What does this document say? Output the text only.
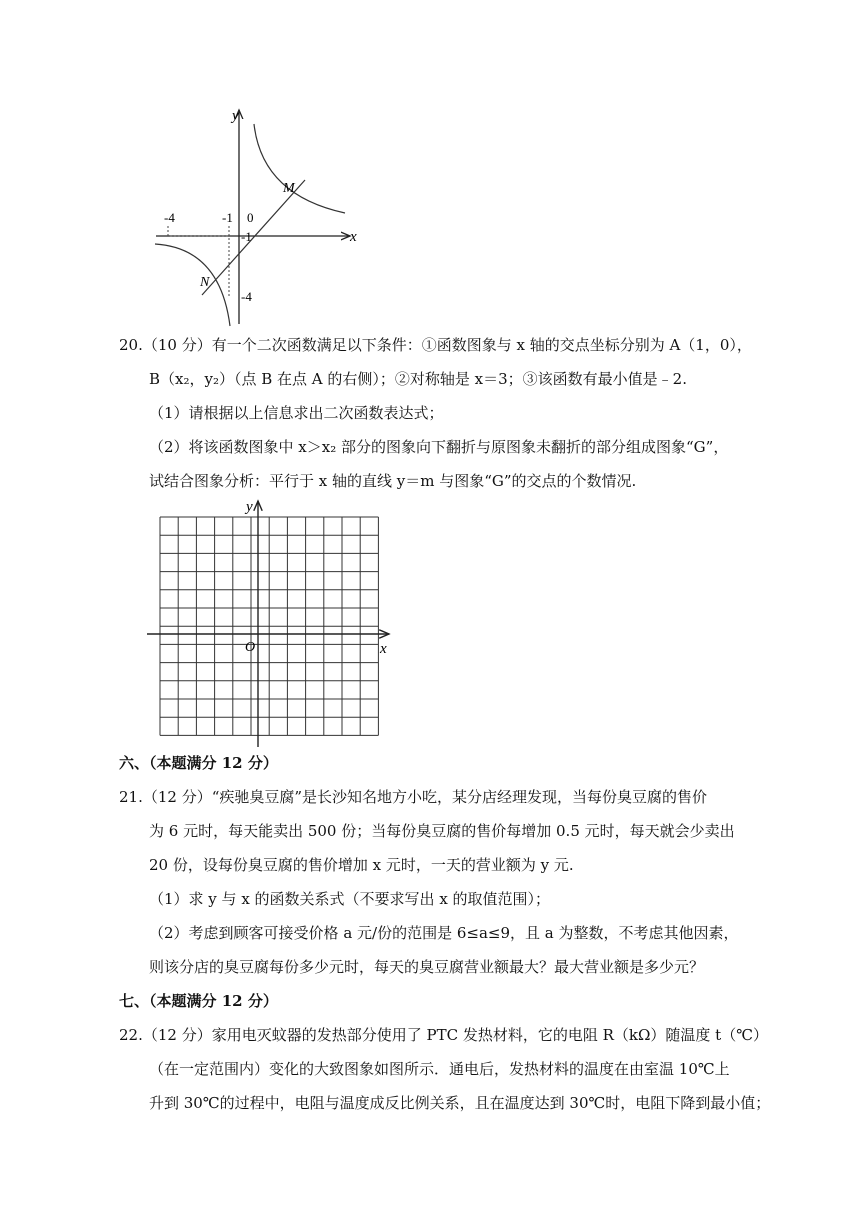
y
x
M
N
-4	-1 0
-1
-4
20.（10 分）有一个二次函数满足以下条件：①函数图象与 x 轴的交点坐标分别为 A（1，0），
B（x₂，y₂）（点 B 在点 A 的右侧）；②对称轴是 x＝3；③该函数有最小值是﹣2.
（1）请根据以上信息求出二次函数表达式；
（2）将该函数图象中 x＞x₂ 部分的图象向下翻折与原图象未翻折的部分组成图象“G”，
试结合图象分析：平行于 x 轴的直线 y＝m 与图象“G”的交点的个数情况.
y
x
O
六、（本题满分 12 分）
21.（12 分）“疾驰臭豆腐”是长沙知名地方小吃，某分店经理发现，当每份臭豆腐的售价
为 6 元时，每天能卖出 500 份；当每份臭豆腐的售价每增加 0.5 元时，每天就会少卖出
20 份，设每份臭豆腐的售价增加 x 元时，一天的营业额为 y 元.
（1）求 y 与 x 的函数关系式（不要求写出 x 的取值范围）；
（2）考虑到顾客可接受价格 a 元/份的范围是 6≤a≤9，且 a 为整数，不考虑其他因素，
则该分店的臭豆腐每份多少元时，每天的臭豆腐营业额最大？最大营业额是多少元？
七、（本题满分 12 分）
22.（12 分）家用电灭蚊器的发热部分使用了 PTC 发热材料，它的电阻 R（kΩ）随温度 t（℃）
（在一定范围内）变化的大致图象如图所示．通电后，发热材料的温度在由室温 10℃上
升到 30℃的过程中，电阻与温度成反比例关系，且在温度达到 30℃时，电阻下降到最小值；
